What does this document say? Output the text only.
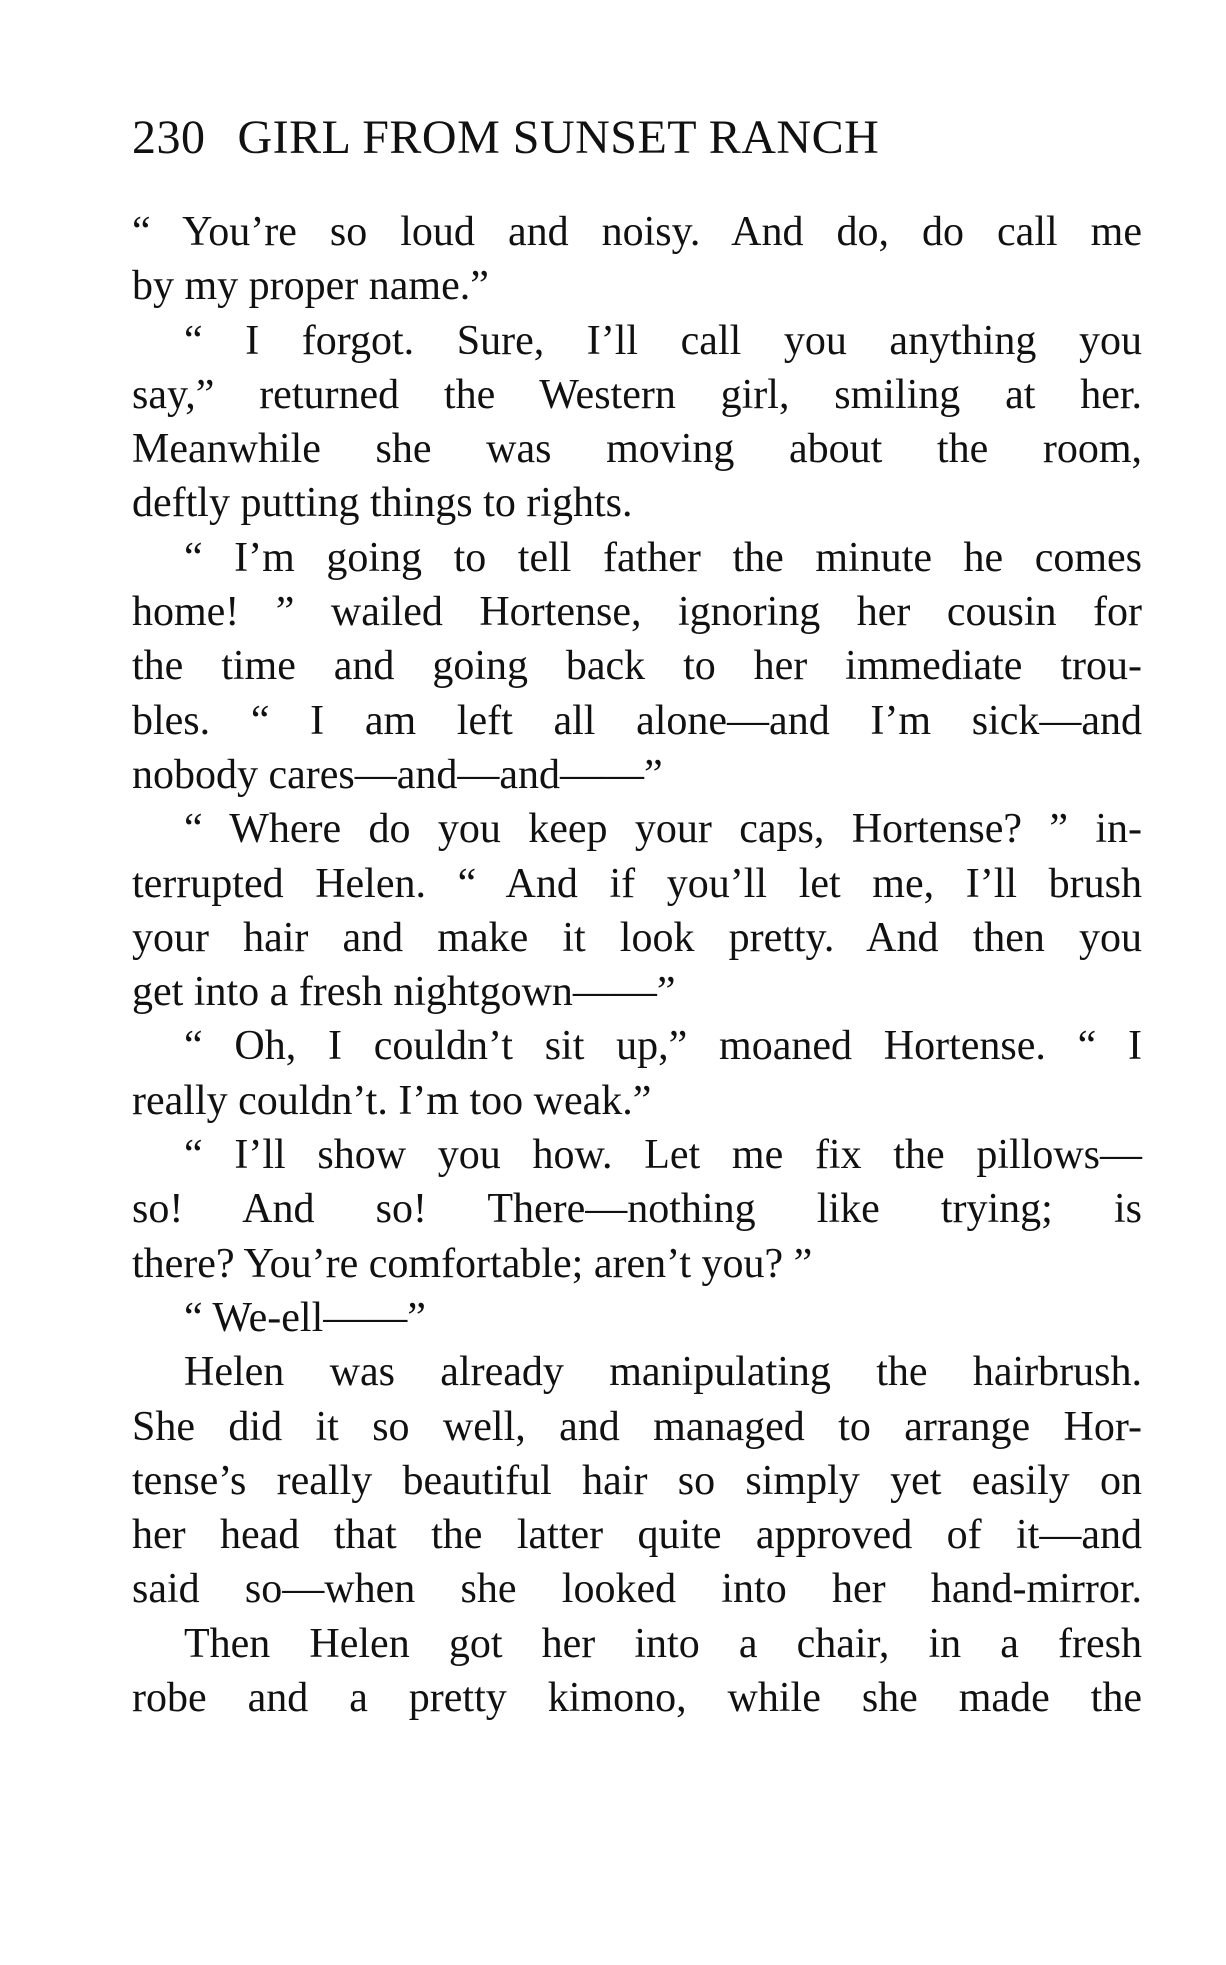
230 GIRL FROM SUNSET RANCH
“ You’re so loud and noisy. And do, do call me
by my proper name.”
“ I forgot. Sure, I’ll call you anything you
say,” returned the Western girl, smiling at her.
Meanwhile she was moving about the room,
deftly putting things to rights.
“ I’m going to tell father the minute he comes
home! ” wailed Hortense, ignoring her cousin for
the time and going back to her immediate trou-
bles. “ I am left all alone—and I’m sick—and
nobody cares—and—and——”
“ Where do you keep your caps, Hortense? ” in-
terrupted Helen. “ And if you’ll let me, I’ll brush
your hair and make it look pretty. And then you
get into a fresh nightgown——”
“ Oh, I couldn’t sit up,” moaned Hortense. “ I
really couldn’t. I’m too weak.”
“ I’ll show you how. Let me fix the pillows—
so! And so! There—nothing like trying; is
there? You’re comfortable; aren’t you? ”
“ We-ell——”
Helen was already manipulating the hairbrush.
She did it so well, and managed to arrange Hor-
tense’s really beautiful hair so simply yet easily on
her head that the latter quite approved of it—and
said so—when she looked into her hand-mirror.
Then Helen got her into a chair, in a fresh
robe and a pretty kimono, while she made the
